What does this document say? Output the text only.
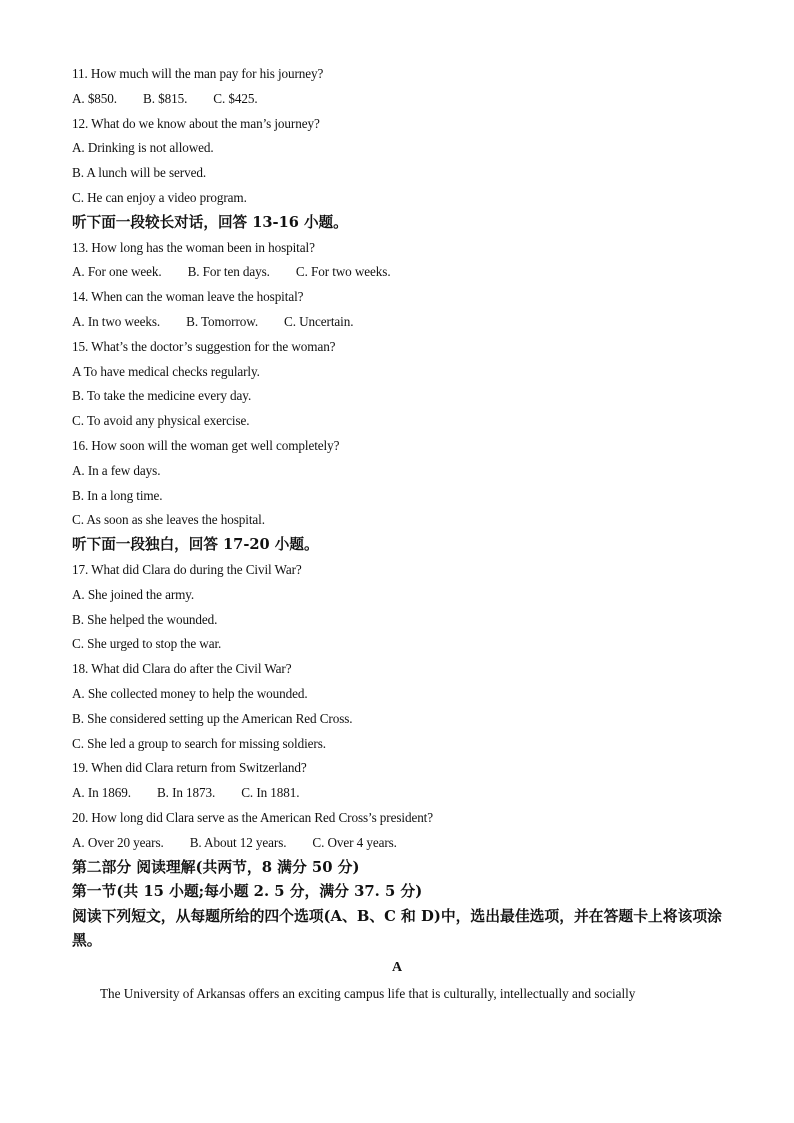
11. How much will the man pay for his journey?
A. $850. B. $815. C. $425.
12. What do we know about the man’s journey?
A. Drinking is not allowed.
B. A lunch will be served.
C. He can enjoy a video program.
听下面一段较长对话，回答 13-16 小题。
13. How long has the woman been in hospital?
A. For one week. B. For ten days. C. For two weeks.
14. When can the woman leave the hospital?
A. In two weeks. B. Tomorrow. C. Uncertain.
15. What’s the doctor’s suggestion for the woman?
A To have medical checks regularly.
B. To take the medicine every day.
C. To avoid any physical exercise.
16. How soon will the woman get well completely?
A. In a few days.
B. In a long time.
C. As soon as she leaves the hospital.
听下面一段独白，回答 17-20 小题。
17. What did Clara do during the Civil War?
A. She joined the army.
B. She helped the wounded.
C. She urged to stop the war.
18. What did Clara do after the Civil War?
A. She collected money to help the wounded.
B. She considered setting up the American Red Cross.
C. She led a group to search for missing soldiers.
19. When did Clara return from Switzerland?
A. In 1869. B. In 1873. C. In 1881.
20. How long did Clara serve as the American Red Cross’s president?
A. Over 20 years. B. About 12 years. C. Over 4 years.
第二部分 阅读理解(共两节，8 满分 50 分)
第一节(共 15 小题;每小题 2. 5 分，满分 37. 5 分)
阅读下列短文，从每题所给的四个选项(A、B、C 和 D)中，选出最佳选项，并在答题卡上将该项涂黑。
A
The University of Arkansas offers an exciting campus life that is culturally, intellectually and socially
